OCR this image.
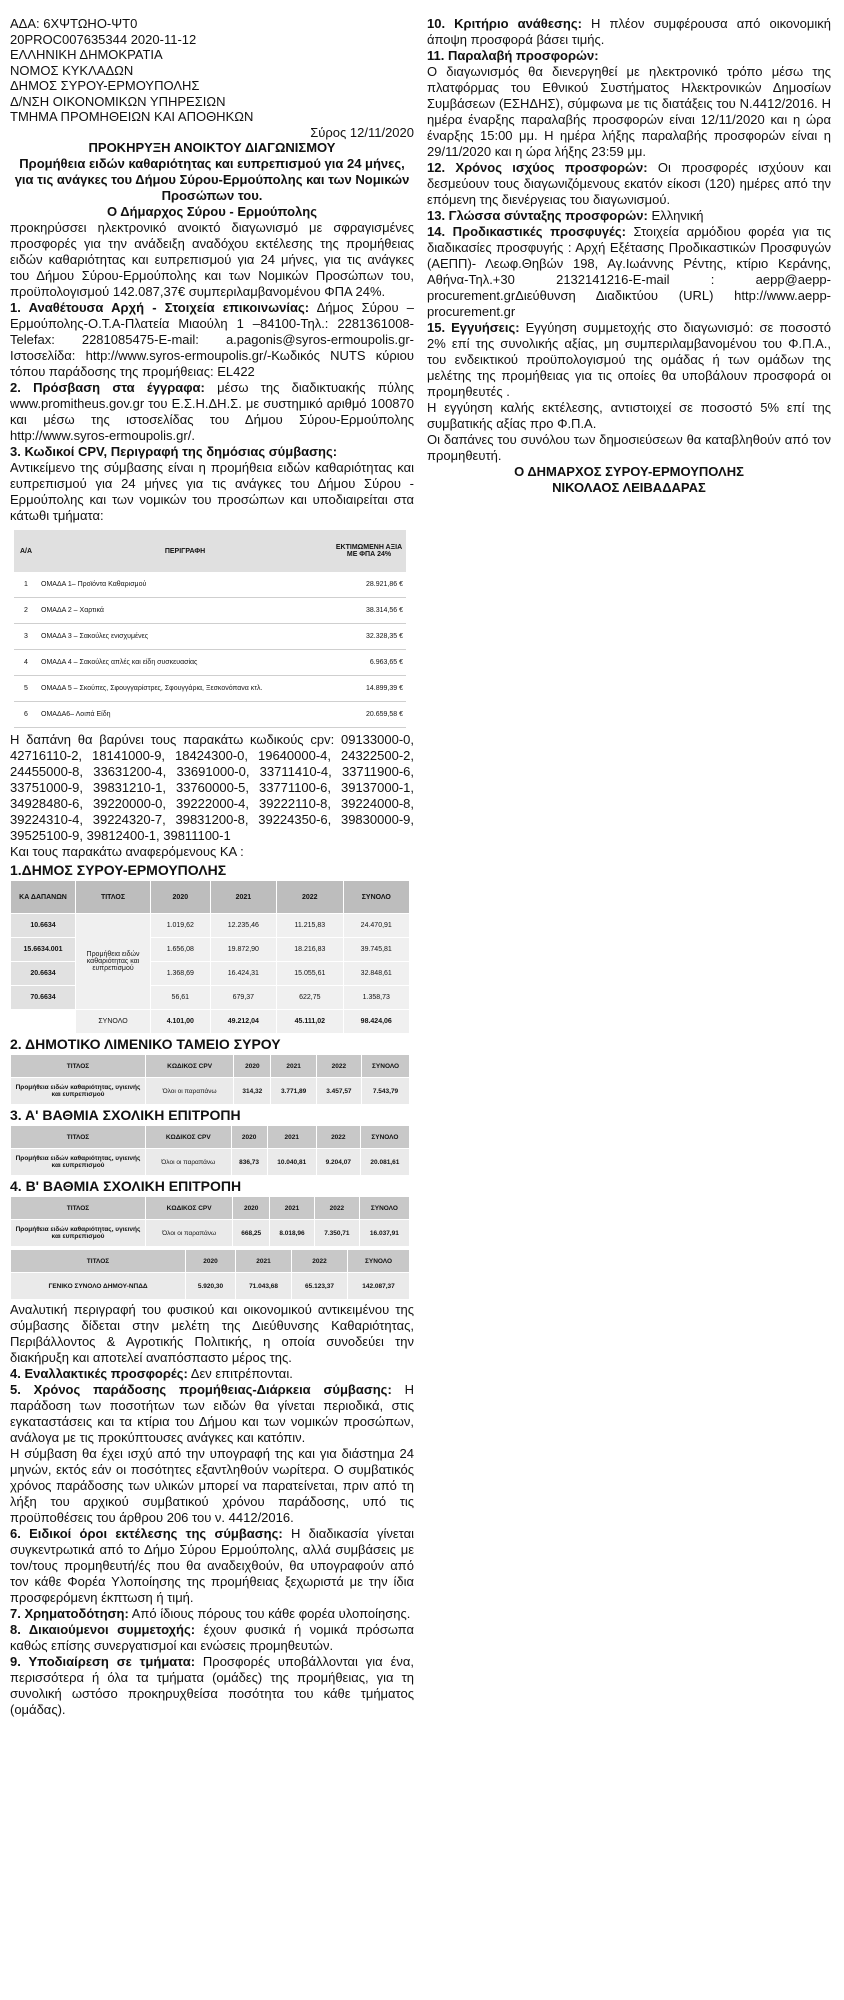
ΑΔΑ: 6ΧΨΤΩΗΟ-ΨΤ0

20PROC007635344 2020-11-12

ΕΛΛΗΝΙΚΗ ΔΗΜΟΚΡΑΤΙΑ

ΝΟΜΟΣ ΚΥΚΛΑΔΩΝ

ΔΗΜΟΣ ΣΥΡΟΥ-ΕΡΜΟΥΠΟΛΗΣ

Δ/ΝΣΗ ΟΙΚΟΝΟΜΙΚΩΝ ΥΠΗΡΕΣΙΩΝ

ΤΜΗΜΑ ΠΡΟΜΗΘΕΙΩΝ ΚΑΙ ΑΠΟΘΗΚΩΝ

Σύρος 12/11/2020

ΠΡΟΚΗΡΥΞΗ ΑΝΟΙΚΤΟΥ ΔΙΑΓΩΝΙΣΜΟΥ

Προμήθεια ειδών καθαριότητας και ευπρεπισμού για 24 μήνες, για τις ανάγκες του Δήμου Σύρου-Ερμούπολης και των Νομικών Προσώπων του.

Ο Δήμαρχος Σύρου - Ερμούπολης

προκηρύσσει ηλεκτρονικό ανοικτό διαγωνισμό με σφραγισμένες προσφορές για την ανάδειξη αναδόχου εκτέλεσης της προμήθειας ειδών καθαριότητας και ευπρεπισμού για 24 μήνες, για τις ανάγκες του Δήμου Σύρου-Ερμούπολης και των Νομικών Προσώπων του, προϋπολογισμού 142.087,37€ συμπεριλαμβανομένου ΦΠΑ 24%.

1. Αναθέτουσα Αρχή - Στοιχεία επικοινωνίας: Δήμος Σύρου – Ερμούπολης-Ο.Τ.Α-Πλατεία Μιαούλη 1 –84100-Τηλ.: 2281361008-Telefax: 2281085475-E-mail: a.pagonis@syros-ermoupolis.gr-Ιστοσελίδα: http://www.syros-ermoupolis.gr/-Κωδικός NUTS κύριου τόπου παράδοσης της προμήθειας: EL422

2. Πρόσβαση στα έγγραφα: μέσω της διαδικτυακής πύλης www.promitheus.gov.gr του Ε.Σ.Η.ΔΗ.Σ. με συστημικό αριθμό 100870 και μέσω της ιστοσελίδας του Δήμου Σύρου-Ερμούπολης http://www.syros-ermoupolis.gr/.

3. Κωδικοί CPV, Περιγραφή της δημόσιας σύμβασης:

Αντικείμενο της σύμβασης είναι η προμήθεια ειδών καθαριότητας και ευπρεπισμού για 24 μήνες για τις ανάγκες του Δήμου Σύρου - Ερμούπολης και των νομικών του προσώπων και υποδιαιρείται στα κάτωθι τμήματα:

Α/Α	ΠΕΡΙΓΡΑΦΗ	ΕΚΤΙΜΩΜΕΝΗ ΑΞΙΑ ΜΕ ΦΠΑ 24%
1	ΟΜΑΔΑ 1– Προϊόντα Καθαρισμού	28.921,86 €
2	ΟΜΑΔΑ 2 – Χαρτικά	38.314,56 €
3	ΟΜΑΔΑ 3 – Σακούλες ενισχυμένες	32.328,35 €
4	ΟΜΑΔΑ 4 – Σακούλες απλές και είδη συσκευασίας	6.963,65 €
5	ΟΜΑΔΑ 5 – Σκούπες, Σφουγγαρίστρες, Σφουγγάρια, Ξεσκονόπανα κτλ.	14.899,39 €
6	ΟΜΑΔΑ6– Λοιπά Είδη	20.659,58 €

Η δαπάνη θα βαρύνει τους παρακάτω κωδικούς cpv: 09133000-0, 42716110-2, 18141000-9, 18424300-0, 19640000-4, 24322500-2, 24455000-8, 33631200-4, 33691000-0, 33711410-4, 33711900-6, 33751000-9, 39831210-1, 33760000-5, 33771100-6, 39137000-1, 34928480-6, 39220000-0, 39222000-4, 39222110-8, 39224000-8, 39224310-4, 39224320-7, 39831200-8, 39224350-6, 39830000-9, 39525100-9, 39812400-1, 39811100-1

Και τους παρακάτω αναφερόμενους ΚΑ :

1.ΔΗΜΟΣ ΣΥΡΟΥ-ΕΡΜΟΥΠΟΛΗΣ

ΚΑ ΔΑΠΑΝΩΝ	ΤΙΤΛΟΣ	2020	2021	2022	ΣΥΝΟΛΟ
10.6634	Προμήθεια ειδών καθαριότητας και ευπρεπισμού	1.019,62	12.235,46	11.215,83	24.470,91
15.6634.001		1.656,08	19.872,90	18.216,83	39.745,81
20.6634		1.368,69	16.424,31	15.055,61	32.848,61
70.6634		56,61	679,37	622,75	1.358,73
	ΣΥΝΟΛΟ	4.101,00	49.212,04	45.111,02	98.424,06

2. ΔΗΜΟΤΙΚΟ ΛΙΜΕΝΙΚΟ ΤΑΜΕΙΟ ΣΥΡΟΥ

ΤΙΤΛΟΣ	ΚΩΔΙΚΟΣ CPV	2020	2021	2022	ΣΥΝΟΛΟ
Προμήθεια ειδών καθαριότητας, υγιεινής και ευπρεπισμού	Όλοι οι παραπάνω	314,32	3.771,89	3.457,57	7.543,79

3. Α' ΒΑΘΜΙΑ ΣΧΟΛΙΚΗ ΕΠΙΤΡΟΠΗ

ΤΙΤΛΟΣ	ΚΩΔΙΚΟΣ CPV	2020	2021	2022	ΣΥΝΟΛΟ
Προμήθεια ειδών καθαριότητας, υγιεινής και ευπρεπισμού	Όλοι οι παραπάνω	836,73	10.040,81	9.204,07	20.081,61

4. Β' ΒΑΘΜΙΑ ΣΧΟΛΙΚΗ ΕΠΙΤΡΟΠΗ

ΤΙΤΛΟΣ	ΚΩΔΙΚΟΣ CPV	2020	2021	2022	ΣΥΝΟΛΟ
Προμήθεια ειδών καθαριότητας, υγιεινής και ευπρεπισμού	Όλοι οι παραπάνω	668,25	8.018,96	7.350,71	16.037,91
ΤΙΤΛΟΣ	2020	2021	2022	ΣΥΝΟΛΟ
ΓΕΝΙΚΟ ΣΥΝΟΛΟ ΔΗΜΟΥ-ΝΠΔΔ	5.920,30	71.043,68	65.123,37	142.087,37

Αναλυτική περιγραφή του φυσικού και οικονομικού αντικειμένου της σύμβασης δίδεται στην μελέτη της Διεύθυνσης Καθαριότητας, Περιβάλλοντος & Αγροτικής Πολιτικής, η οποία συνοδεύει την διακήρυξη και αποτελεί αναπόσπαστο μέρος της.

4. Εναλλακτικές προσφορές: Δεν επιτρέπονται.

5. Χρόνος παράδοσης προμήθειας-Διάρκεια σύμβασης: Η παράδοση των ποσοτήτων των ειδών θα γίνεται περιοδικά, στις εγκαταστάσεις και τα κτίρια του Δήμου και των νομικών προσώπων, ανάλογα με τις προκύπτουσες ανάγκες και κατόπιν.

Η σύμβαση θα έχει ισχύ από την υπογραφή της και για διάστημα 24 μηνών, εκτός εάν οι ποσότητες εξαντληθούν νωρίτερα. Ο συμβατικός χρόνος παράδοσης των υλικών μπορεί να παρατείνεται, πριν από τη λήξη του αρχικού συμβατικού χρόνου παράδοσης, υπό τις προϋποθέσεις του άρθρου 206 του ν. 4412/2016.

6. Ειδικοί όροι εκτέλεσης της σύμβασης: Η διαδικασία γίνεται συγκεντρωτικά από το Δήμο Σύρου Ερμούπολης, αλλά συμβάσεις με τον/τους προμηθευτή/ές που θα αναδειχθούν, θα υπογραφούν από τον κάθε Φορέα Υλοποίησης της προμήθειας ξεχωριστά με την ίδια προσφερόμενη έκπτωση ή τιμή.

7. Χρηματοδότηση: Από ίδιους πόρους του κάθε φορέα υλοποίησης.

8. Δικαιούμενοι συμμετοχής: έχουν φυσικά ή νομικά πρόσωπα καθώς επίσης συνεργατισμοί και ενώσεις προμηθευτών.

9. Υποδιαίρεση σε τμήματα: Προσφορές υποβάλλονται για ένα, περισσότερα ή όλα τα τμήματα (ομάδες) της προμήθειας, για τη συνολική ωστόσο προκηρυχθείσα ποσότητα του κάθε τμήματος (ομάδας).

10. Κριτήριο ανάθεσης: Η πλέον συμφέρουσα από οικονομική άποψη προσφορά βάσει τιμής.

11. Παραλαβή προσφορών:

Ο διαγωνισμός θα διενεργηθεί με ηλεκτρονικό τρόπο μέσω της πλατφόρμας του Εθνικού Συστήματος Ηλεκτρονικών Δημοσίων Συμβάσεων (ΕΣΗΔΗΣ), σύμφωνα με τις διατάξεις του Ν.4412/2016. Η ημέρα έναρξης παραλαβής προσφορών είναι 12/11/2020 και η ώρα έναρξης 15:00 μμ. Η ημέρα λήξης παραλαβής προσφορών είναι η 29/11/2020 και η ώρα λήξης 23:59 μμ.

12. Χρόνος ισχύος προσφορών: Οι προσφορές ισχύουν και δεσμεύουν τους διαγωνιζόμενους εκατόν είκοσι (120) ημέρες από την επόμενη της διενέργειας του διαγωνισμού.

13. Γλώσσα σύνταξης προσφορών: Ελληνική

14. Προδικαστικές προσφυγές: Στοιχεία αρμόδιου φορέα για τις διαδικασίες προσφυγής : Αρχή Εξέτασης Προδικαστικών Προσφυγών (ΑΕΠΠ)- Λεωφ.Θηβών 198, Αγ.Ιωάννης Ρέντης, κτίριο Κεράνης, Αθήνα-Τηλ.+30 2132141216-E-mail : aepp@aepp-procurement.grΔιεύθυνση Διαδικτύου (URL) http://www.aepp-procurement.gr

15. Εγγυήσεις: Εγγύηση συμμετοχής στο διαγωνισμό: σε ποσοστό 2% επί της συνολικής αξίας, μη συμπεριλαμβανομένου του Φ.Π.Α., του ενδεικτικού προϋπολογισμού της ομάδας ή των ομάδων της μελέτης της προμήθειας για τις οποίες θα υποβάλουν προσφορά οι προμηθευτές .

Η εγγύηση καλής εκτέλεσης, αντιστοιχεί σε ποσοστό 5% επί της συμβατικής αξίας προ Φ.Π.Α.

Οι δαπάνες του συνόλου των δημοσιεύσεων θα καταβληθούν από τον προμηθευτή.

Ο ΔΗΜΑΡΧΟΣ ΣΥΡΟΥ-ΕΡΜΟΥΠΟΛΗΣ

ΝΙΚΟΛΑΟΣ ΛΕΙΒΑΔΑΡΑΣ
